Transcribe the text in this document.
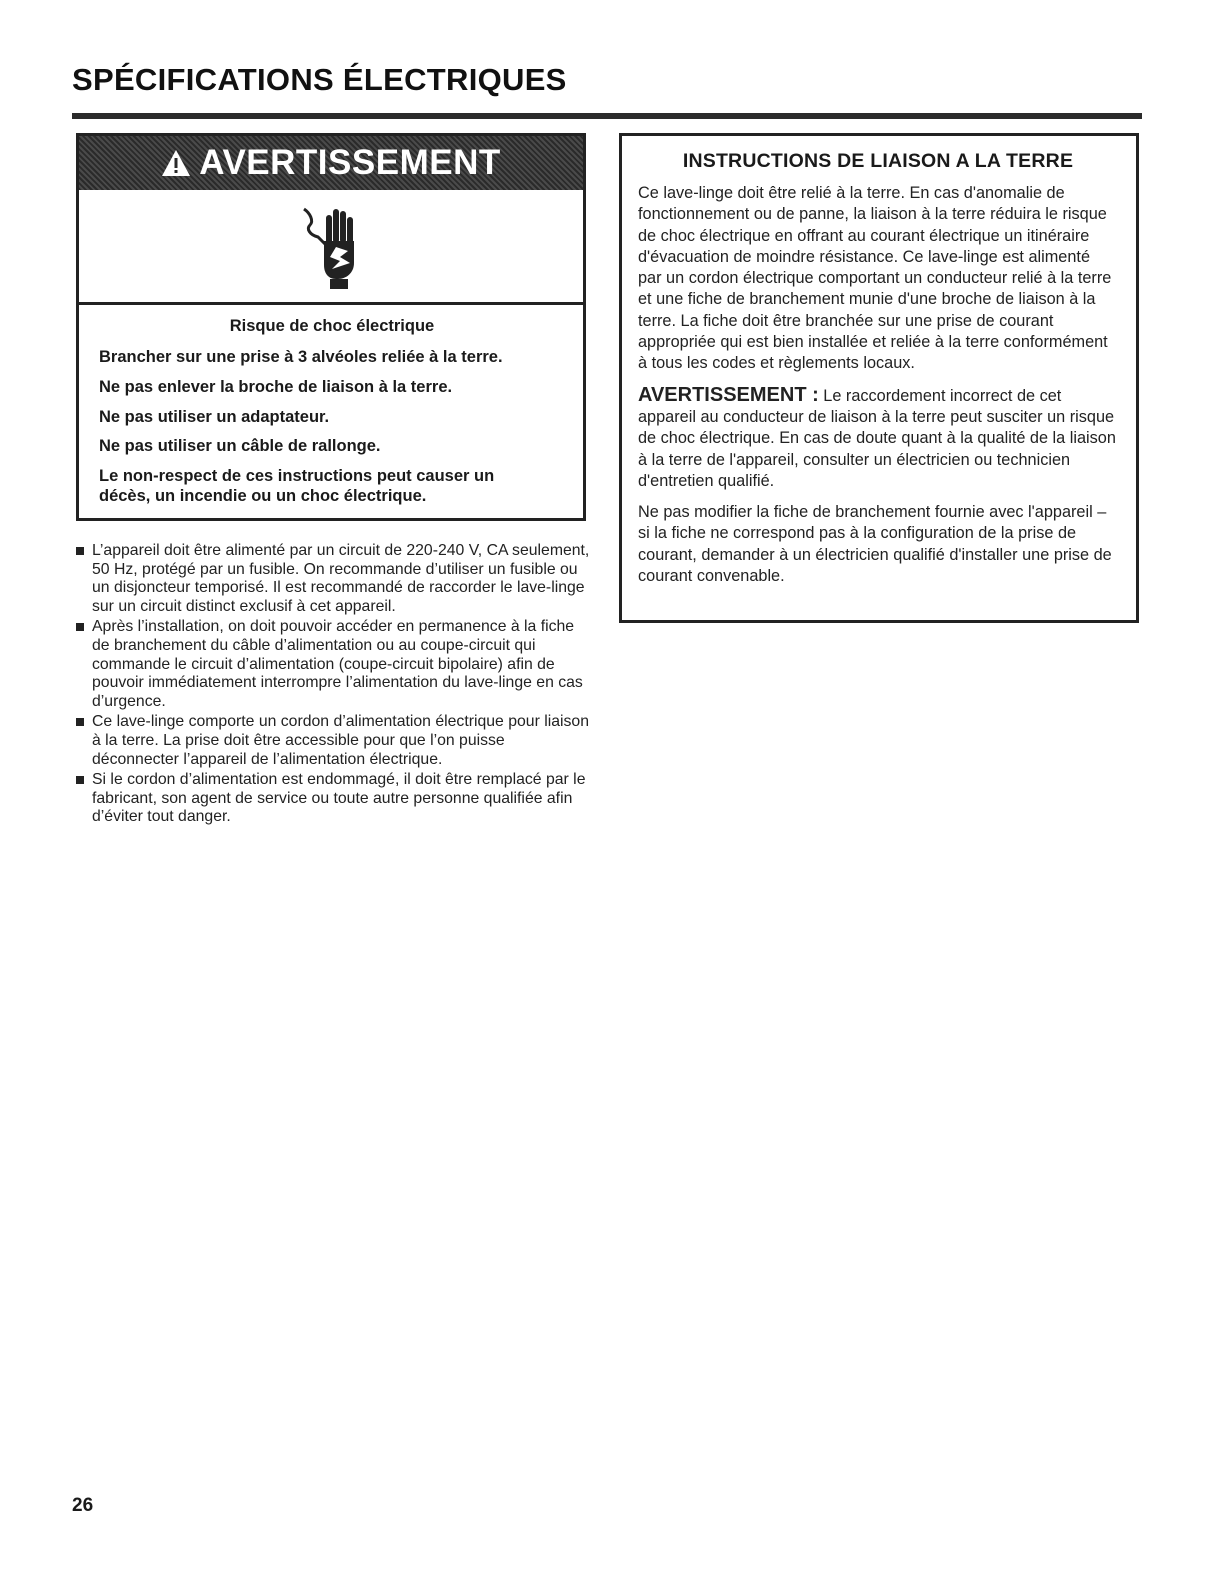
SPÉCIFICATIONS ÉLECTRIQUES
AVERTISSEMENT

Risque de choc électrique

Brancher sur une prise à 3 alvéoles reliée à la terre.

Ne pas enlever la broche de liaison à la terre.

Ne pas utiliser un adaptateur.

Ne pas utiliser un câble de rallonge.

Le non-respect de ces instructions peut causer un décès, un incendie ou un choc électrique.

L’appareil doit être alimenté par un circuit de 220-240 V, CA seulement, 50 Hz, protégé par un fusible. On recommande d’utiliser un fusible ou un disjoncteur temporisé. Il est recommandé de raccorder le lave-linge sur un circuit distinct exclusif à cet appareil.
Après l’installation, on doit pouvoir accéder en permanence à la fiche de branchement du câble d’alimentation ou au coupe-circuit qui commande le circuit d’alimentation (coupe-circuit bipolaire) afin de pouvoir immédiatement interrompre l’alimentation du lave-linge en cas d’urgence.
Ce lave-linge comporte un cordon d’alimentation électrique pour liaison à la terre. La prise doit être accessible pour que l’on puisse déconnecter l’appareil de l’alimentation électrique.
Si le cordon d’alimentation est endommagé, il doit être remplacé par le fabricant, son agent de service ou toute autre personne qualifiée afin d’éviter tout danger.
INSTRUCTIONS DE LIAISON A LA TERRE

Ce lave-linge doit être relié à la terre. En cas d'anomalie de fonctionnement ou de panne, la liaison à la terre réduira le risque de choc électrique en offrant au courant électrique un itinéraire d'évacuation de moindre résistance. Ce lave-linge est alimenté par un cordon électrique comportant un conducteur relié à la terre et une fiche de branchement munie d'une broche de liaison à la terre. La fiche doit être branchée sur une prise de courant appropriée qui est bien installée et reliée à la terre conformément à tous les codes et règlements locaux.

AVERTISSEMENT : Le raccordement incorrect de cet appareil au conducteur de liaison à la terre peut susciter un risque de choc électrique. En cas de doute quant à la qualité de la liaison à la terre de l'appareil, consulter un électricien ou technicien d'entretien qualifié.

Ne pas modifier la fiche de branchement fournie avec l'appareil – si la fiche ne correspond pas à la configuration de la prise de courant, demander à un électricien qualifié d'installer une prise de courant convenable.

26
